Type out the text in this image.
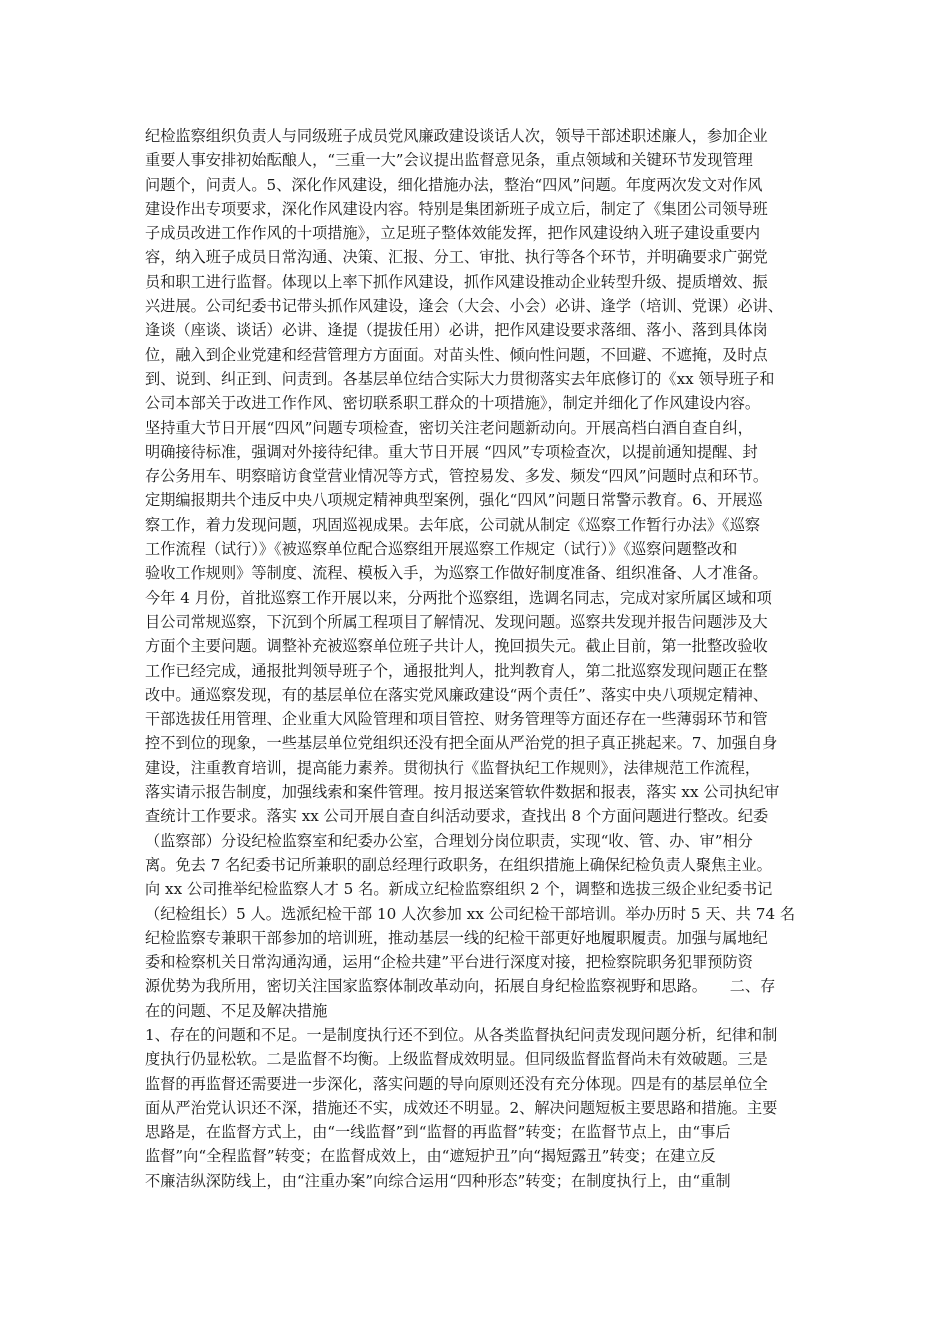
纪检监察组织负责人与同级班子成员党风廉政建设谈话人次，领导干部述职述廉人，参加企业
重要人事安排初始酝酿人，“三重一大”会议提出监督意见条，重点领域和关键环节发现管理
问题个，问责人。5、深化作风建设，细化措施办法，整治“四风”问题。年度两次发文对作风
建设作出专项要求，深化作风建设内容。特别是集团新班子成立后，制定了《集团公司领导班
子成员改进工作作风的十项措施》，立足班子整体效能发挥，把作风建设纳入班子建设重要内
容，纳入班子成员日常沟通、决策、汇报、分工、审批、执行等各个环节，并明确要求广弼党
员和职工进行监督。体现以上率下抓作风建设，抓作风建设推动企业转型升级、提质增效、振
兴进展。公司纪委书记带头抓作风建设，逢会（大会、小会）必讲、逢学（培训、党课）必讲、
逢谈（座谈、谈话）必讲、逢提（提拔任用）必讲，把作风建设要求落细、落小、落到具体岗
位，融入到企业党建和经营管理方方面面。对苗头性、倾向性问题，不回避、不遮掩，及时点
到、说到、纠正到、问责到。各基层单位结合实际大力贯彻落实去年底修订的《xx 领导班子和
公司本部关于改进工作作风、密切联系职工群众的十项措施》，制定并细化了作风建设内容。
坚持重大节日开展“四风”问题专项检查，密切关注老问题新动向。开展高档白酒自查自纠，
明确接待标准，强调对外接待纪律。重大节日开展 “四风”专项检查次，以提前通知提醒、封
存公务用车、明察暗访食堂营业情况等方式，管控易发、多发、频发“四风”问题时点和环节。
定期编报期共个违反中央八项规定精神典型案例，强化“四风”问题日常警示教育。6、开展巡
察工作，着力发现问题，巩固巡视成果。去年底，公司就从制定《巡察工作暂行办法》《巡察
工作流程（试行）》《被巡察单位配合巡察组开展巡察工作规定（试行）》《巡察问题整改和
验收工作规则》等制度、流程、模板入手，为巡察工作做好制度准备、组织准备、人才准备。
今年 4 月份，首批巡察工作开展以来，分两批个巡察组，选调名同志，完成对家所属区域和项
目公司常规巡察，下沉到个所属工程项目了解情况、发现问题。巡察共发现并报告问题涉及大
方面个主要问题。调整补充被巡察单位班子共计人，挽回损失元。截止目前，第一批整改验收
工作已经完成，通报批判领导班子个，通报批判人，批判教育人，第二批巡察发现问题正在整
改中。通巡察发现，有的基层单位在落实党风廉政建设“两个责任”、落实中央八项规定精神、
干部选拔任用管理、企业重大风险管理和项目管控、财务管理等方面还存在一些薄弱环节和管
控不到位的现象，一些基层单位党组织还没有把全面从严治党的担子真正挑起来。7、加强自身
建设，注重教育培训，提高能力素养。贯彻执行《监督执纪工作规则》，法律规范工作流程，
落实请示报告制度，加强线索和案件管理。按月报送案管软件数据和报表，落实 xx 公司执纪审
查统计工作要求。落实 xx 公司开展自查自纠活动要求，查找出 8 个方面问题进行整改。纪委
（监察部）分设纪检监察室和纪委办公室，合理划分岗位职责，实现“收、管、办、审”相分
离。免去 7 名纪委书记所兼职的副总经理行政职务，在组织措施上确保纪检负责人聚焦主业。
向 xx 公司推举纪检监察人才 5 名。新成立纪检监察组织 2 个，调整和选拔三级企业纪委书记
（纪检组长）5 人。选派纪检干部 10 人次参加 xx 公司纪检干部培训。举办历时 5 天、共 74 名
纪检监察专兼职干部参加的培训班，推动基层一线的纪检干部更好地履职履责。加强与属地纪
委和检察机关日常沟通沟通，运用“企检共建”平台进行深度对接，把检察院职务犯罪预防资
源优势为我所用，密切关注国家监察体制改革动向，拓展自身纪检监察视野和思路。　　二、存
在的问题、不足及解决措施
1、存在的问题和不足。一是制度执行还不到位。从各类监督执纪问责发现问题分析，纪律和制
度执行仍显松软。二是监督不均衡。上级监督成效明显。但同级监督监督尚未有效破题。三是
监督的再监督还需要进一步深化，落实问题的导向原则还没有充分体现。四是有的基层单位全
面从严治党认识还不深，措施还不实，成效还不明显。2、解决问题短板主要思路和措施。主要
思路是，在监督方式上，由“一线监督”到“监督的再监督”转变；在监督节点上，由“事后
监督”向“全程监督”转变；在监督成效上，由“遮短护丑”向“揭短露丑”转变；在建立反
不廉洁纵深防线上，由“注重办案”向综合运用“四种形态”转变；在制度执行上，由“重制
